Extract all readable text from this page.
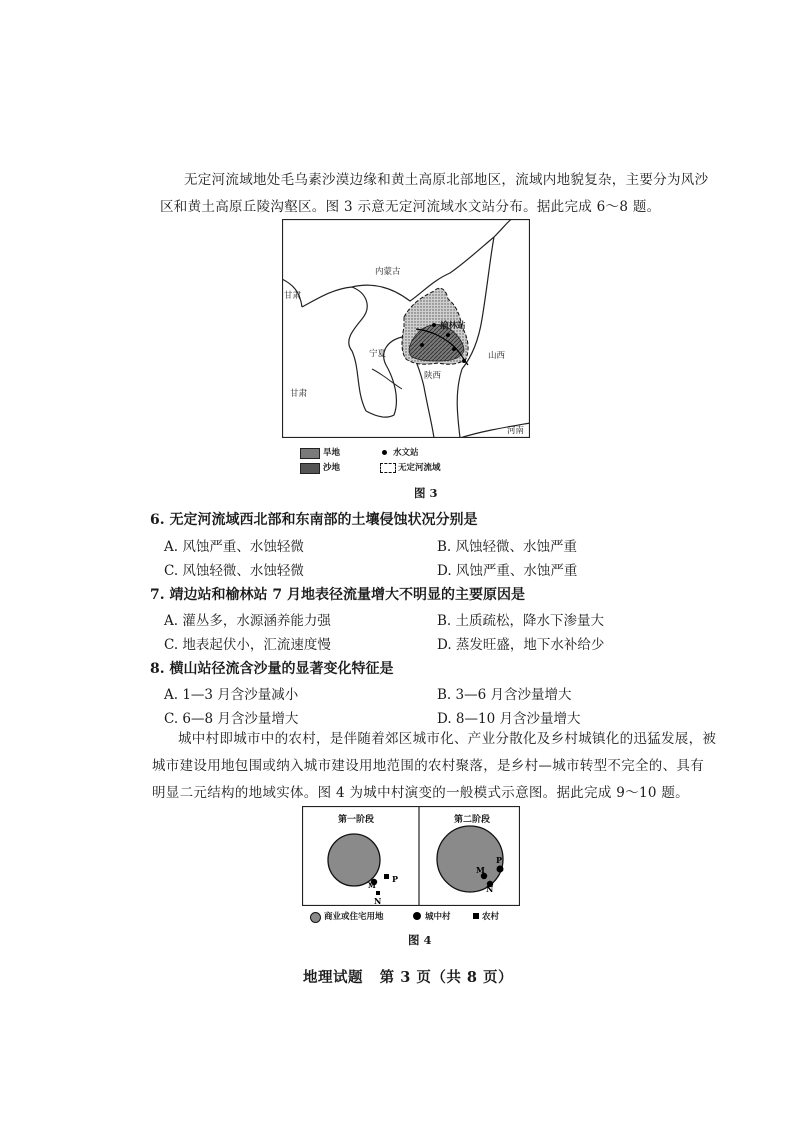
无定河流域地处毛乌素沙漠边缘和黄土高原北部地区，流域内地貌复杂，主要分为风沙
区和黄土高原丘陵沟壑区。图 3 示意无定河流域水文站分布。据此完成 6～8 题。
内蒙古
甘肃
宁夏
榆林站
山西
陕西
甘肃
河南
旱地
沙地
水文站
无定河流域
图 3
6. 无定河流域西北部和东南部的土壤侵蚀状况分别是
A. 风蚀严重、水蚀轻微	B. 风蚀轻微、水蚀严重
C. 风蚀轻微、水蚀轻微	D. 风蚀严重、水蚀严重
7. 靖边站和榆林站 7 月地表径流量增大不明显的主要原因是
A. 灌丛多，水源涵养能力强	B. 土质疏松，降水下渗量大
C. 地表起伏小，汇流速度慢	D. 蒸发旺盛，地下水补给少
8. 横山站径流含沙量的显著变化特征是
A. 1—3 月含沙量减小	B. 3—6 月含沙量增大
C. 6—8 月含沙量增大	D. 8—10 月含沙量增大
城中村即城市中的农村，是伴随着郊区城市化、产业分散化及乡村城镇化的迅猛发展，被
城市建设用地包围或纳入城市建设用地范围的农村聚落，是乡村—城市转型不完全的、具有
明显二元结构的地域实体。图 4 为城中村演变的一般模式示意图。据此完成 9～10 题。
M
P
N
M
P
N
第一阶段	第二阶段
商业或住宅用地	城中村	农村
图 4
地理试题   第 3 页（共 8 页）
